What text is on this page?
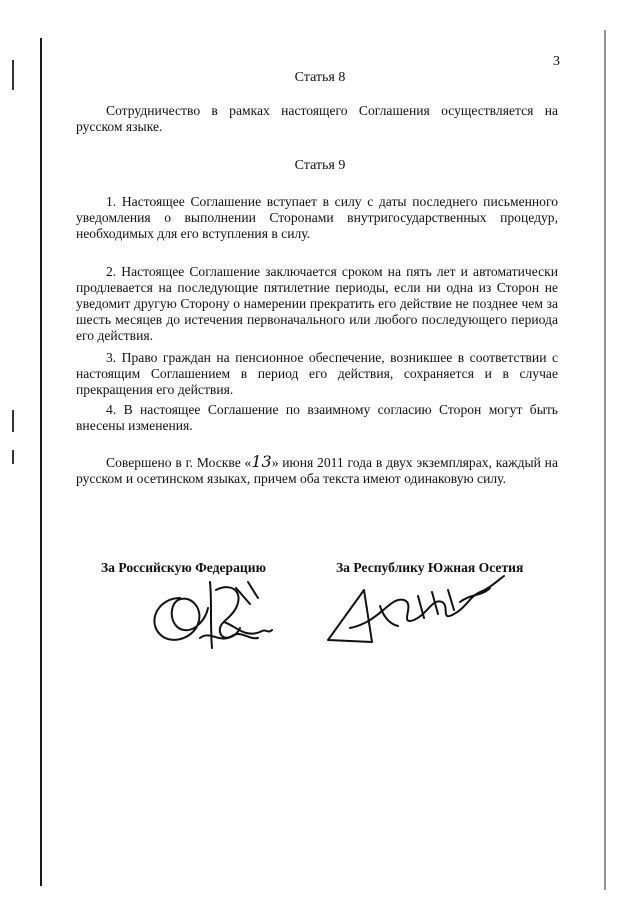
3
Статья 8

Сотрудничество в рамках настоящего Соглашения осуществляется на русском языке.

Статья 9

1. Настоящее Соглашение вступает в силу с даты последнего письменного уведомления о выполнении Сторонами внутригосударственных процедур, необходимых для его вступления в силу.

2. Настоящее Соглашение заключается сроком на пять лет и автоматически продлевается на последующие пятилетние периоды, если ни одна из Сторон не уведомит другую Сторону о намерении прекратить его действие не позднее чем за шесть месяцев до истечения первоначального или любого последующего периода его действия.

3. Право граждан на пенсионное обеспечение, возникшее в соответствии с настоящим Соглашением в период его действия, сохраняется и в случае прекращения его действия.

4. В настоящее Соглашение по взаимному согласию Сторон могут быть внесены изменения.

Совершено в г. Москве «13» июня 2011 года в двух экземплярах, каждый на русском и осетинском языках, причем оба текста имеют одинаковую силу.

За Российскую Федерацию	За Республику Южная Осетия
